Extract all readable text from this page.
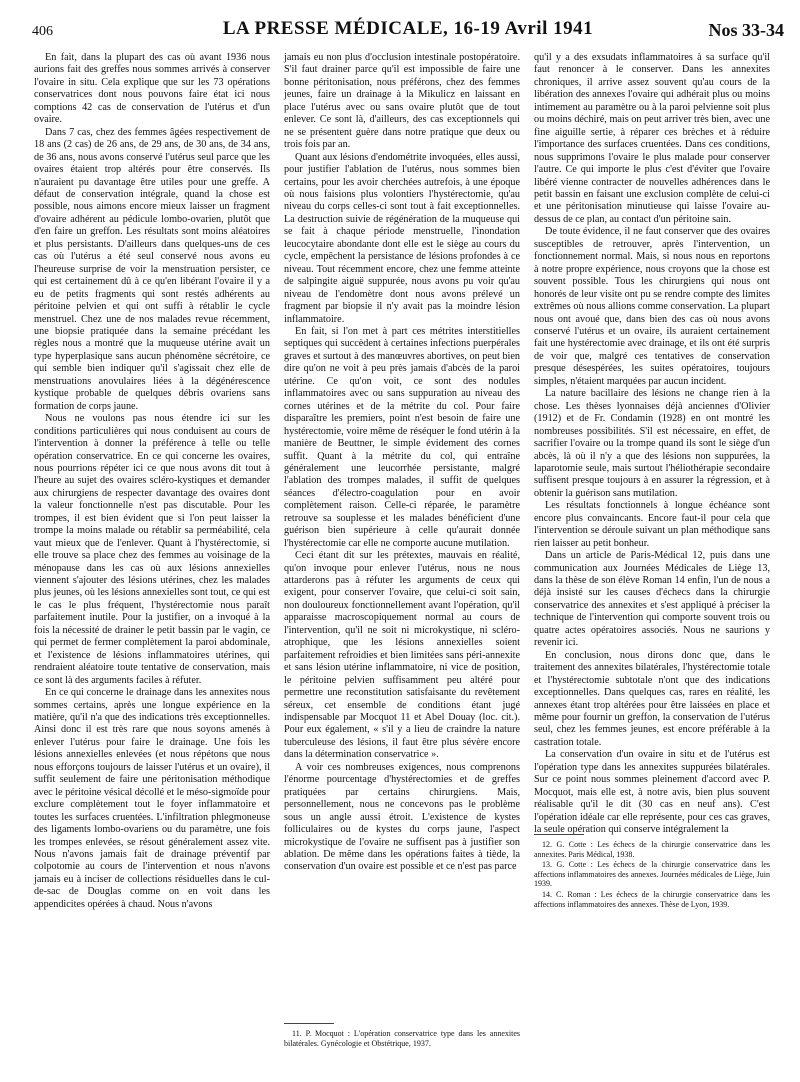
406	LA PRESSE MÉDICALE, 16-19 Avril 1941	Nos 33-34

En fait, dans la plupart des cas où avant 1936 nous aurions fait des greffes nous sommes arrivés à conserver l'ovaire in situ. Cela explique que sur les 73 opérations conservatrices dont nous pouvons faire état ici nous comptions 42 cas de conservation de l'utérus et d'un ovaire.

Dans 7 cas, chez des femmes âgées respectivement de 18 ans (2 cas) de 26 ans, de 29 ans, de 30 ans, de 34 ans, de 36 ans, nous avons conservé l'utérus seul parce que les ovaires étaient trop altérés pour être conservés. Ils n'auraient pu davantage être utiles pour une greffe. A défaut de conservation intégrale, quand la chose est possible, nous aimons encore mieux laisser un fragment d'ovaire adhérent au pédicule lombo-ovarien, plutôt que d'en faire un greffon. Les résultats sont moins aléatoires et plus persistants. D'ailleurs dans quelques-uns de ces cas où l'utérus a été seul conservé nous avons eu l'heureuse surprise de voir la menstruation persister, ce qui est certainement dû à ce qu'en libérant l'ovaire il y a eu de petits fragments qui sont restés adhérents au péritoine pelvien et qui ont suffi à rétablir le cycle menstruel. Chez une de nos malades revue récemment, une biopsie pratiquée dans la semaine précédant les règles nous a montré que la muqueuse utérine avait un type hyperplasique sans aucun phénomène sécrétoire, ce qui semble bien indiquer qu'il s'agissait chez elle de menstruations anovulaires liées à la dégénérescence kystique probable de quelques débris ovariens sans formation de corps jaune.

Nous ne voulons pas nous étendre ici sur les conditions particulières qui nous conduisent au cours de l'intervention à donner la préférence à telle ou telle opération conservatrice. En ce qui concerne les ovaires, nous pourrions répéter ici ce que nous avons dit tout à l'heure au sujet des ovaires scléro-kystiques et demander aux chirurgiens de respecter davantage des ovaires dont la valeur fonctionnelle n'est pas discutable. Pour les trompes, il est bien évident que si l'on peut laisser la trompe la moins malade ou rétablir sa perméabilité, cela vaut mieux que de l'enlever. Quant à l'hystérectomie, si elle trouve sa place chez des femmes au voisinage de la ménopause dans les cas où aux lésions annexielles viennent s'ajouter des lésions utérines, chez les malades plus jeunes, où les lésions annexielles sont tout, ce qui est le cas le plus fréquent, l'hystérectomie nous paraît parfaitement inutile. Pour la justifier, on a invoqué à la fois la nécessité de drainer le petit bassin par le vagin, ce qui permet de fermer complètement la paroi abdominale, et l'existence de lésions inflammatoires utérines, qui rendraient aléatoire toute tentative de conservation, mais ce sont là des arguments faciles à réfuter.

En ce qui concerne le drainage dans les annexites nous sommes certains, après une longue expérience en la matière, qu'il n'a que des indications très exceptionnelles. Ainsi donc il est très rare que nous soyons amenés à enlever l'utérus pour faire le drainage. Une fois les lésions annexielles enlevées (et nous répétons que nous nous efforçons toujours de laisser l'utérus et un ovaire), il suffit seulement de faire une péritonisation méthodique avec le péritoine vésical décollé et le méso-sigmoïde pour exclure complètement tout le foyer inflammatoire et toutes les surfaces cruentées. L'infiltration phlegmoneuse des ligaments lombo-ovariens ou du paramètre, une fois les trompes enlevées, se résout généralement assez vite. Nous n'avons jamais fait de drainage préventif par colpotomie au cours de l'intervention et nous n'avons jamais eu à inciser de collections résiduelles dans le cul-de-sac de Douglas comme on en voit dans les appendicites opérées à chaud. Nous n'avons

jamais eu non plus d'occlusion intestinale postopératoire. S'il faut drainer parce qu'il est impossible de faire une bonne péritonisation, nous préférons, chez des femmes jeunes, faire un drainage à la Mikulicz en laissant en place l'utérus avec ou sans ovaire plutôt que de tout enlever. Ce sont là, d'ailleurs, des cas exceptionnels qui ne se présentent guère dans notre pratique que deux ou trois fois par an.

Quant aux lésions d'endométrite invoquées, elles aussi, pour justifier l'ablation de l'utérus, nous sommes bien certains, pour les avoir cherchées autrefois, à une époque où nous faisions plus volontiers l'hystérectomie, qu'au niveau du corps celles-ci sont tout à fait exceptionnelles. La destruction suivie de régénération de la muqueuse qui se fait à chaque période menstruelle, l'inondation leucocytaire abondante dont elle est le siège au cours du cycle, empêchent la persistance de lésions profondes à ce niveau. Tout récemment encore, chez une femme atteinte de salpingite aiguë suppurée, nous avons pu voir qu'au niveau de l'endomètre dont nous avons prélevé un fragment par biopsie il n'y avait pas la moindre lésion inflammatoire.

En fait, si l'on met à part ces métrites interstitielles septiques qui succèdent à certaines infections puerpérales graves et surtout à des manœuvres abortives, on peut bien dire qu'on ne voit à peu près jamais d'abcès de la paroi utérine. Ce qu'on voit, ce sont des nodules inflammatoires avec ou sans suppuration au niveau des cornes utérines et de la métrite du col. Pour faire disparaître les premiers, point n'est besoin de faire une hystérectomie, voire même de réséquer le fond utérin à la manière de Beuttner, le simple évidement des cornes suffit. Quant à la métrite du col, qui entraîne généralement une leucorrhée persistante, malgré l'ablation des trompes malades, il suffit de quelques séances d'électro-coagulation pour en avoir complètement raison. Celle-ci réparée, le paramètre retrouve sa souplesse et les malades bénéficient d'une guérison bien supérieure à celle qu'aurait donnée l'hystérectomie car elle ne comporte aucune mutilation.

Ceci étant dit sur les prétextes, mauvais en réalité, qu'on invoque pour enlever l'utérus, nous ne nous attarderons pas à réfuter les arguments de ceux qui exigent, pour conserver l'ovaire, que celui-ci soit sain, non douloureux fonctionnellement avant l'opération, qu'il apparaisse macroscopiquement normal au cours de l'intervention, qu'il ne soit ni microkystique, ni scléro-atrophique, que les lésions annexielles soient parfaitement refroidies et bien limitées sans péri-annexite et sans lésion utérine inflammatoire, ni vice de position, le péritoine pelvien suffisamment peu altéré pour permettre une reconstitution satisfaisante du revêtement séreux, cet ensemble de conditions étant jugé indispensable par Mocquot 11 et Abel Douay (loc. cit.). Pour eux également, « s'il y a lieu de craindre la nature tuberculeuse des lésions, il faut être plus sévère encore dans la détermination conservatrice ».

A voir ces nombreuses exigences, nous comprenons l'énorme pourcentage d'hystérectomies et de greffes pratiquées par certains chirurgiens. Mais, personnellement, nous ne concevons pas le problème sous un angle aussi étroit. L'existence de kystes folliculaires ou de kystes du corps jaune, l'aspect microkystique de l'ovaire ne suffisent pas à justifier son ablation. De même dans les opérations faites à tiède, la conservation d'un ovaire est possible et ce n'est pas parce

qu'il y a des exsudats inflammatoires à sa surface qu'il faut renoncer à le conserver. Dans les annexites chroniques, il arrive assez souvent qu'au cours de la libération des annexes l'ovaire qui adhérait plus ou moins intimement au paramètre ou à la paroi pelvienne soit plus ou moins déchiré, mais on peut arriver très bien, avec une fine aiguille sertie, à réparer ces brèches et à réduire l'importance des surfaces cruentées. Dans ces conditions, nous supprimons l'ovaire le plus malade pour conserver l'autre. Ce qui importe le plus c'est d'éviter que l'ovaire libéré vienne contracter de nouvelles adhérences dans le petit bassin en faisant une exclusion complète de celui-ci et une péritonisation minutieuse qui laisse l'ovaire au-dessus de ce plan, au contact d'un péritoine sain.

De toute évidence, il ne faut conserver que des ovaires susceptibles de retrouver, après l'intervention, un fonctionnement normal. Mais, si nous nous en reportons à notre propre expérience, nous croyons que la chose est souvent possible. Tous les chirurgiens qui nous ont honorés de leur visite ont pu se rendre compte des limites extrêmes où nous allions comme conservation. La plupart nous ont avoué que, dans bien des cas où nous avons conservé l'utérus et un ovaire, ils auraient certainement fait une hystérectomie avec drainage, et ils ont été surpris de voir que, malgré ces tentatives de conservation presque désespérées, les suites opératoires, toujours simples, n'étaient marquées par aucun incident.

La nature bacillaire des lésions ne change rien à la chose. Les thèses lyonnaises déjà anciennes d'Olivier (1912) et de Fr. Condamin (1928) en ont montré les nombreuses possibilités. S'il est nécessaire, en effet, de sacrifier l'ovaire ou la trompe quand ils sont le siège d'un abcès, là où il n'y a que des lésions non suppurées, la laparotomie seule, mais surtout l'héliothérapie secondaire suffisent presque toujours à en assurer la régression, et à obtenir la guérison sans mutilation.

Les résultats fonctionnels à longue échéance sont encore plus convaincants. Encore faut-il pour cela que l'intervention se déroule suivant un plan méthodique sans rien laisser au petit bonheur.

Dans un article de Paris-Médical 12, puis dans une communication aux Journées Médicales de Liège 13, dans la thèse de son élève Roman 14 enfin, l'un de nous a déjà insisté sur les causes d'échecs dans la chirurgie conservatrice des annexites et s'est appliqué à préciser la technique de l'intervention qui comporte souvent trois ou quatre actes opératoires associés. Nous ne saurions y revenir ici.

En conclusion, nous dirons donc que, dans le traitement des annexites bilatérales, l'hystérectomie totale et l'hystérectomie subtotale n'ont que des indications exceptionnelles. Dans quelques cas, rares en réalité, les annexes étant trop altérées pour être laissées en place et même pour fournir un greffon, la conservation de l'utérus seul, chez les femmes jeunes, est encore préférable à la castration totale.

La conservation d'un ovaire in situ et de l'utérus est l'opération type dans les annexites suppurées bilatérales. Sur ce point nous sommes pleinement d'accord avec P. Mocquot, mais elle est, à notre avis, bien plus souvent réalisable qu'il le dit (30 cas en neuf ans). C'est l'opération idéale car elle représente, pour ces cas graves, la seule opération qui conserve intégralement la

11. P. Mocquot : L'opération conservatrice type dans les annexites bilatérales. Gynécologie et Obstétrique, 1937.

12. G. Cotte : Les échecs de la chirurgie conservatrice dans les annexites. Paris Médical, 1938.

13. G. Cotte : Les échecs de la chirurgie conservatrice dans les affections inflammatoires des annexes. Journées médicales de Liège, Juin 1939.

14. C. Roman : Les échecs de la chirurgie conservatrice dans les affections inflammatoires des annexes. Thèse de Lyon, 1939.
